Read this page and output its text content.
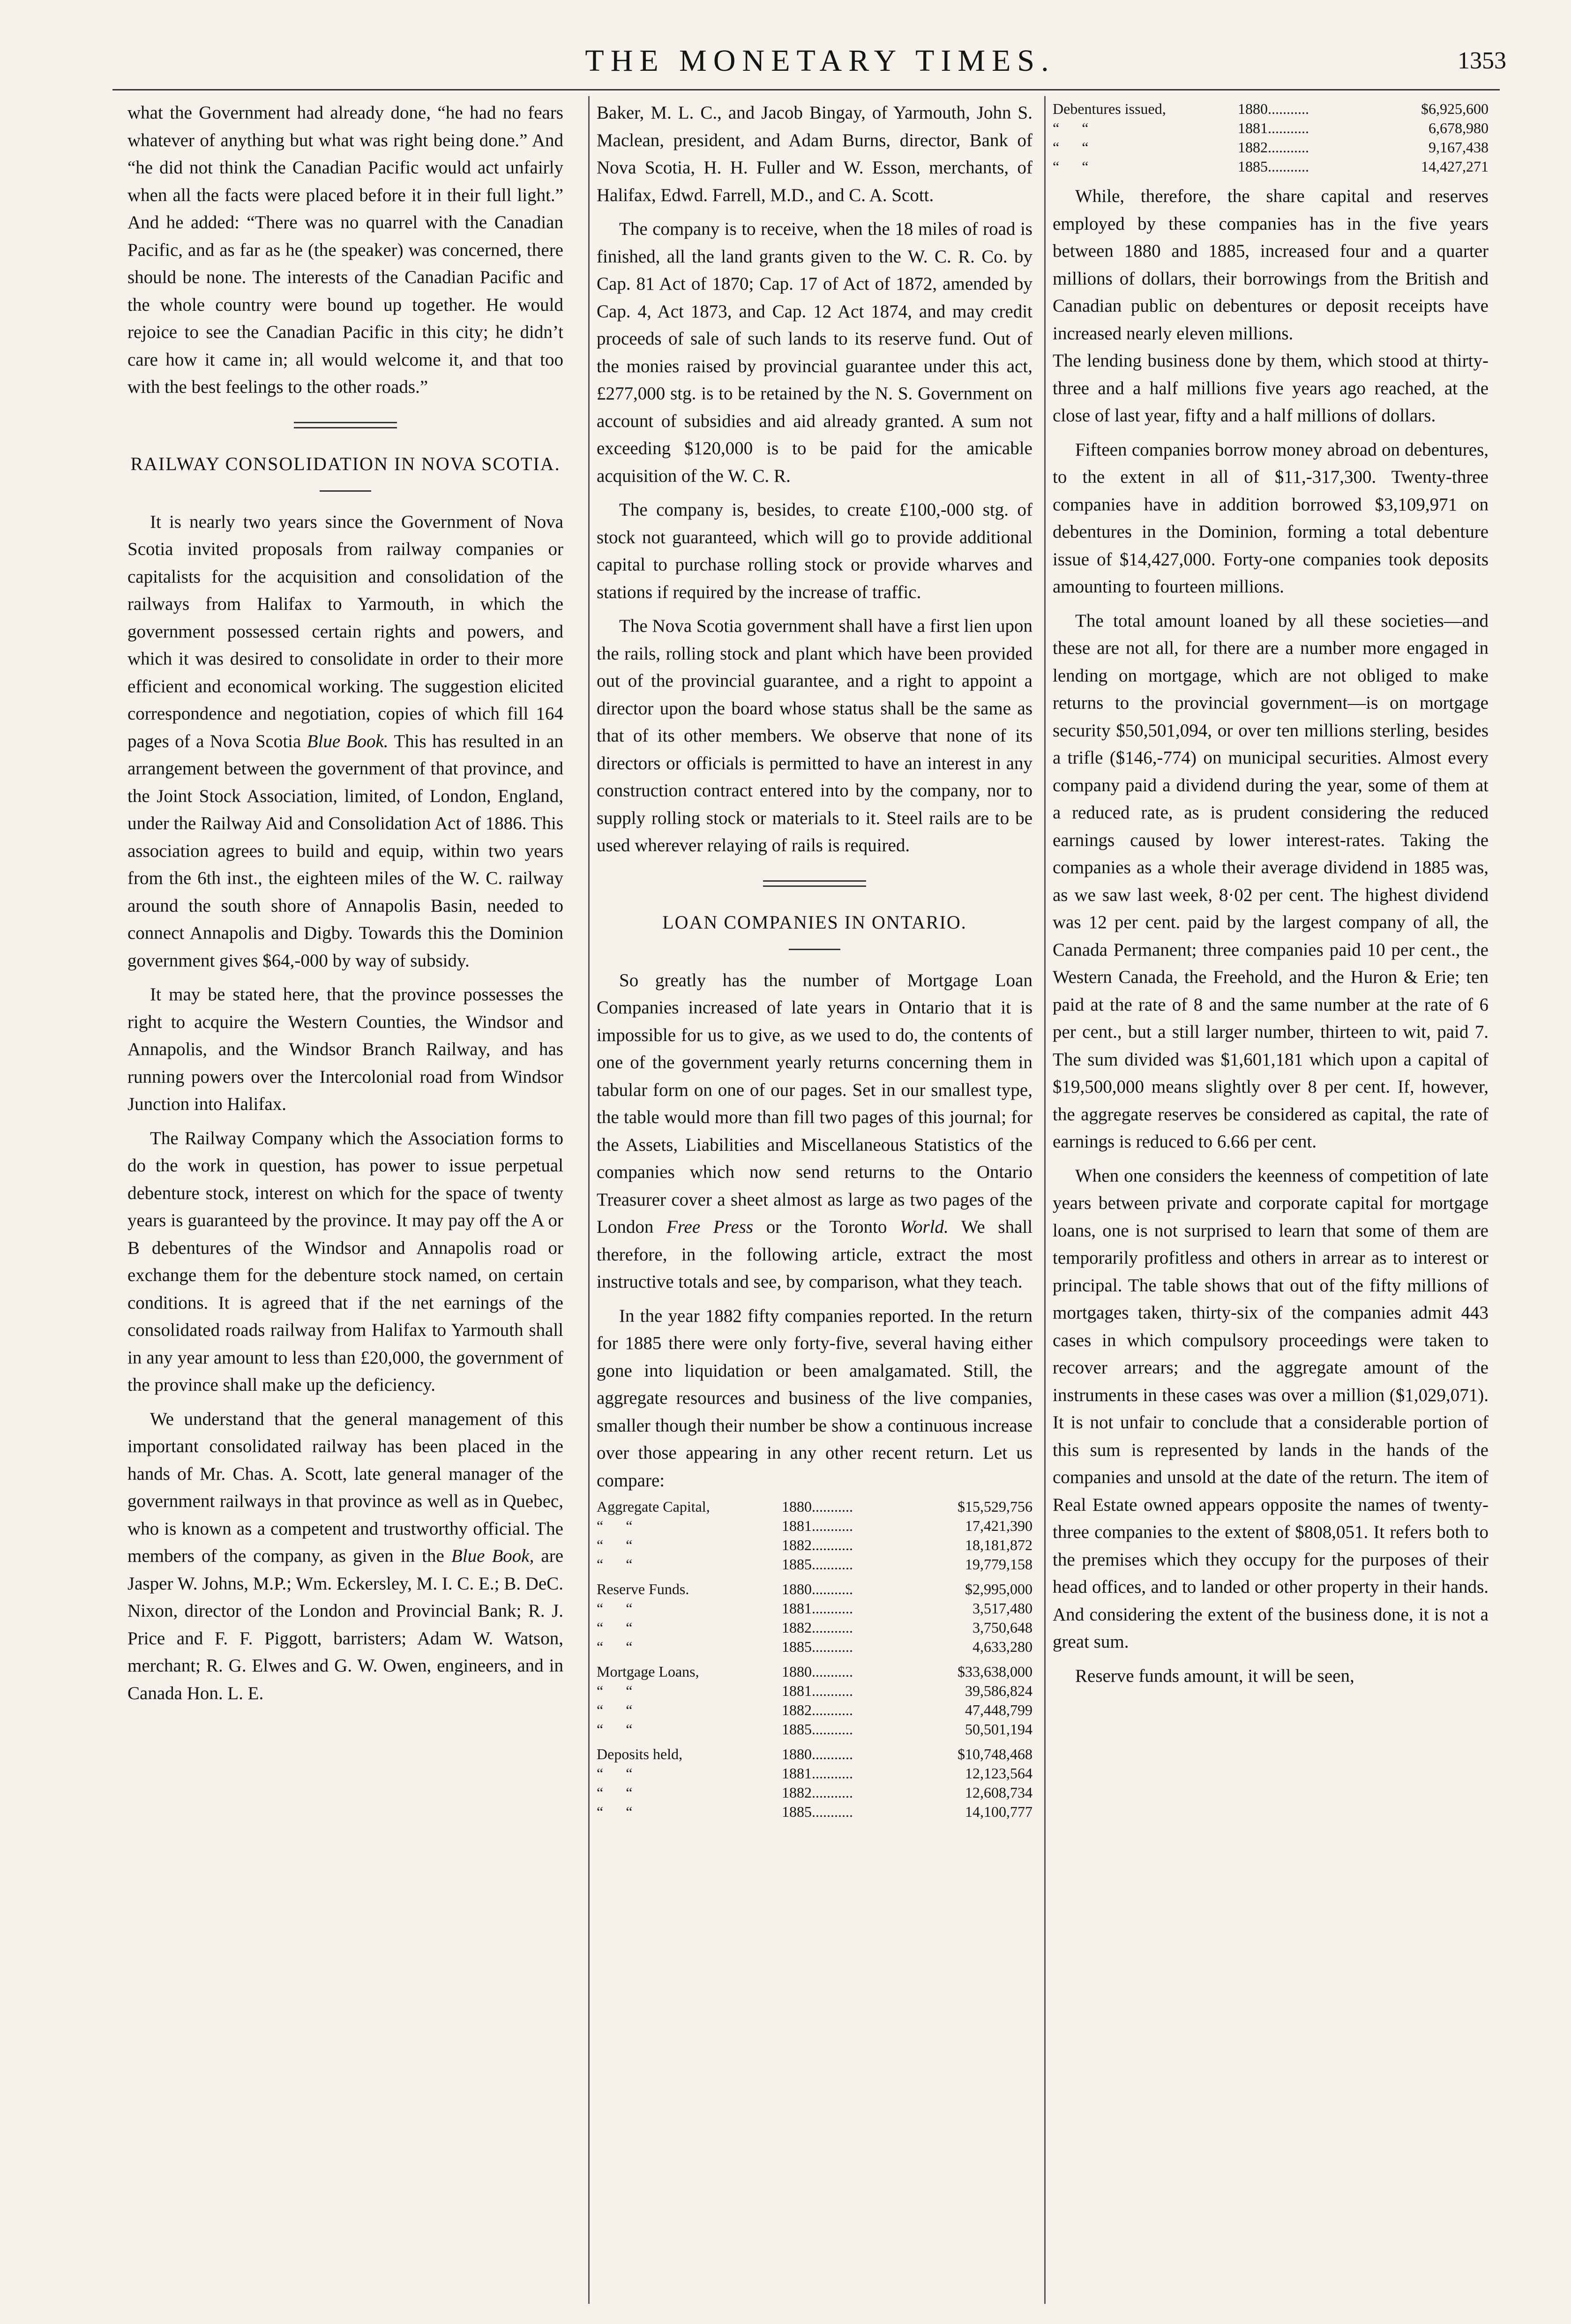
THE MONETARY TIMES.	1353

what the Government had already done, “he had no fears whatever of anything but what was right being done.” And “he did not think the Canadian Pacific would act unfairly when all the facts were placed before it in their full light.” And he added: “There was no quarrel with the Canadian Pacific, and as far as he (the speaker) was concerned, there should be none. The interests of the Canadian Pacific and the whole country were bound up together. He would rejoice to see the Canadian Pacific in this city; he didn’t care how it came in; all would welcome it, and that too with the best feelings to the other roads.”

RAILWAY CONSOLIDATION IN NOVA SCOTIA.

It is nearly two years since the Government of Nova Scotia invited proposals from railway companies or capitalists for the acquisition and consolidation of the railways from Halifax to Yarmouth, in which the government possessed certain rights and powers, and which it was desired to consolidate in order to their more efficient and economical working. The suggestion elicited correspondence and negotiation, copies of which fill 164 pages of a Nova Scotia Blue Book. This has resulted in an arrangement between the government of that province, and the Joint Stock Association, limited, of London, England, under the Railway Aid and Consolidation Act of 1886. This association agrees to build and equip, within two years from the 6th inst., the eighteen miles of the W. C. railway around the south shore of Annapolis Basin, needed to connect Annapolis and Digby. Towards this the Dominion government gives $64,-000 by way of subsidy.

It may be stated here, that the province possesses the right to acquire the Western Counties, the Windsor and Annapolis, and the Windsor Branch Railway, and has running powers over the Intercolonial road from Windsor Junction into Halifax.

The Railway Company which the Association forms to do the work in question, has power to issue perpetual debenture stock, interest on which for the space of twenty years is guaranteed by the province. It may pay off the A or B debentures of the Windsor and Annapolis road or exchange them for the debenture stock named, on certain conditions. It is agreed that if the net earnings of the consolidated roads railway from Halifax to Yarmouth shall in any year amount to less than £20,000, the government of the province shall make up the deficiency.

We understand that the general management of this important consolidated railway has been placed in the hands of Mr. Chas. A. Scott, late general manager of the government railways in that province as well as in Quebec, who is known as a competent and trustworthy official. The members of the company, as given in the Blue Book, are Jasper W. Johns, M.P.; Wm. Eckersley, M. I. C. E.; B. DeC. Nixon, director of the London and Provincial Bank; R. J. Price and F. F. Piggott, barristers; Adam W. Watson, merchant; R. G. Elwes and G. W. Owen, engineers, and in Canada Hon. L. E.

Baker, M. L. C., and Jacob Bingay, of Yarmouth, John S. Maclean, president, and Adam Burns, director, Bank of Nova Scotia, H. H. Fuller and W. Esson, merchants, of Halifax, Edwd. Farrell, M.D., and C. A. Scott.

The company is to receive, when the 18 miles of road is finished, all the land grants given to the W. C. R. Co. by Cap. 81 Act of 1870; Cap. 17 of Act of 1872, amended by Cap. 4, Act 1873, and Cap. 12 Act 1874, and may credit proceeds of sale of such lands to its reserve fund. Out of the monies raised by provincial guarantee under this act, £277,000 stg. is to be retained by the N. S. Government on account of subsidies and aid already granted. A sum not exceeding $120,000 is to be paid for the amicable acquisition of the W. C. R.

The company is, besides, to create £100,-000 stg. of stock not guaranteed, which will go to provide additional capital to purchase rolling stock or provide wharves and stations if required by the increase of traffic.

The Nova Scotia government shall have a first lien upon the rails, rolling stock and plant which have been provided out of the provincial guarantee, and a right to appoint a director upon the board whose status shall be the same as that of its other members. We observe that none of its directors or officials is permitted to have an interest in any construction contract entered into by the company, nor to supply rolling stock or materials to it. Steel rails are to be used wherever relaying of rails is required.

LOAN COMPANIES IN ONTARIO.

So greatly has the number of Mortgage Loan Companies increased of late years in Ontario that it is impossible for us to give, as we used to do, the contents of one of the government yearly returns concerning them in tabular form on one of our pages. Set in our smallest type, the table would more than fill two pages of this journal; for the Assets, Liabilities and Miscellaneous Statistics of the companies which now send returns to the Ontario Treasurer cover a sheet almost as large as two pages of the London Free Press or the Toronto World. We shall therefore, in the following article, extract the most instructive totals and see, by comparison, what they teach.

In the year 1882 fifty companies reported. In the return for 1885 there were only forty-five, several having either gone into liquidation or been amalgamated. Still, the aggregate resources and business of the live companies, smaller though their number be show a continuous increase over those appearing in any other recent return. Let us compare:

Aggregate Capital,	1880...........	$15,529,756
“      “	1881...........	17,421,390
“      “	1882...........	18,181,872
“      “	1885...........	19,779,158

Reserve Funds.	1880...........	$2,995,000
“      “	1881...........	3,517,480
“      “	1882...........	3,750,648
“      “	1885...........	4,633,280

Mortgage Loans,	1880...........	$33,638,000
“      “	1881...........	39,586,824
“      “	1882...........	47,448,799
“      “	1885...........	50,501,194

Deposits held,	1880...........	$10,748,468
“      “	1881...........	12,123,564
“      “	1882...........	12,608,734
“      “	1885...........	14,100,777
Debentures issued,	1880...........	$6,925,600
“      “	1881...........	6,678,980
“      “	1882...........	9,167,438
“      “	1885...........	14,427,271

While, therefore, the share capital and reserves employed by these companies has in the five years between 1880 and 1885, increased four and a quarter millions of dollars, their borrowings from the British and Canadian public on debentures or deposit receipts have increased nearly eleven millions.

The lending business done by them, which stood at thirty-three and a half millions five years ago reached, at the close of last year, fifty and a half millions of dollars.

Fifteen companies borrow money abroad on debentures, to the extent in all of $11,-317,300. Twenty-three companies have in addition borrowed $3,109,971 on debentures in the Dominion, forming a total debenture issue of $14,427,000. Forty-one companies took deposits amounting to fourteen millions.

The total amount loaned by all these societies—and these are not all, for there are a number more engaged in lending on mortgage, which are not obliged to make returns to the provincial government—is on mortgage security $50,501,094, or over ten millions sterling, besides a trifle ($146,-774) on municipal securities. Almost every company paid a dividend during the year, some of them at a reduced rate, as is prudent considering the reduced earnings caused by lower interest-rates. Taking the companies as a whole their average dividend in 1885 was, as we saw last week, 8·02 per cent. The highest dividend was 12 per cent. paid by the largest company of all, the Canada Permanent; three companies paid 10 per cent., the Western Canada, the Freehold, and the Huron & Erie; ten paid at the rate of 8 and the same number at the rate of 6 per cent., but a still larger number, thirteen to wit, paid 7. The sum divided was $1,601,181 which upon a capital of $19,500,000 means slightly over 8 per cent. If, however, the aggregate reserves be considered as capital, the rate of earnings is reduced to 6.66 per cent.

When one considers the keenness of competition of late years between private and corporate capital for mortgage loans, one is not surprised to learn that some of them are temporarily profitless and others in arrear as to interest or principal. The table shows that out of the fifty millions of mortgages taken, thirty-six of the companies admit 443 cases in which compulsory proceedings were taken to recover arrears; and the aggregate amount of the instruments in these cases was over a million ($1,029,071). It is not unfair to conclude that a considerable portion of this sum is represented by lands in the hands of the companies and unsold at the date of the return. The item of Real Estate owned appears opposite the names of twenty-three companies to the extent of $808,051. It refers both to the premises which they occupy for the purposes of their head offices, and to landed or other property in their hands. And considering the extent of the business done, it is not a great sum.

Reserve funds amount, it will be seen,
